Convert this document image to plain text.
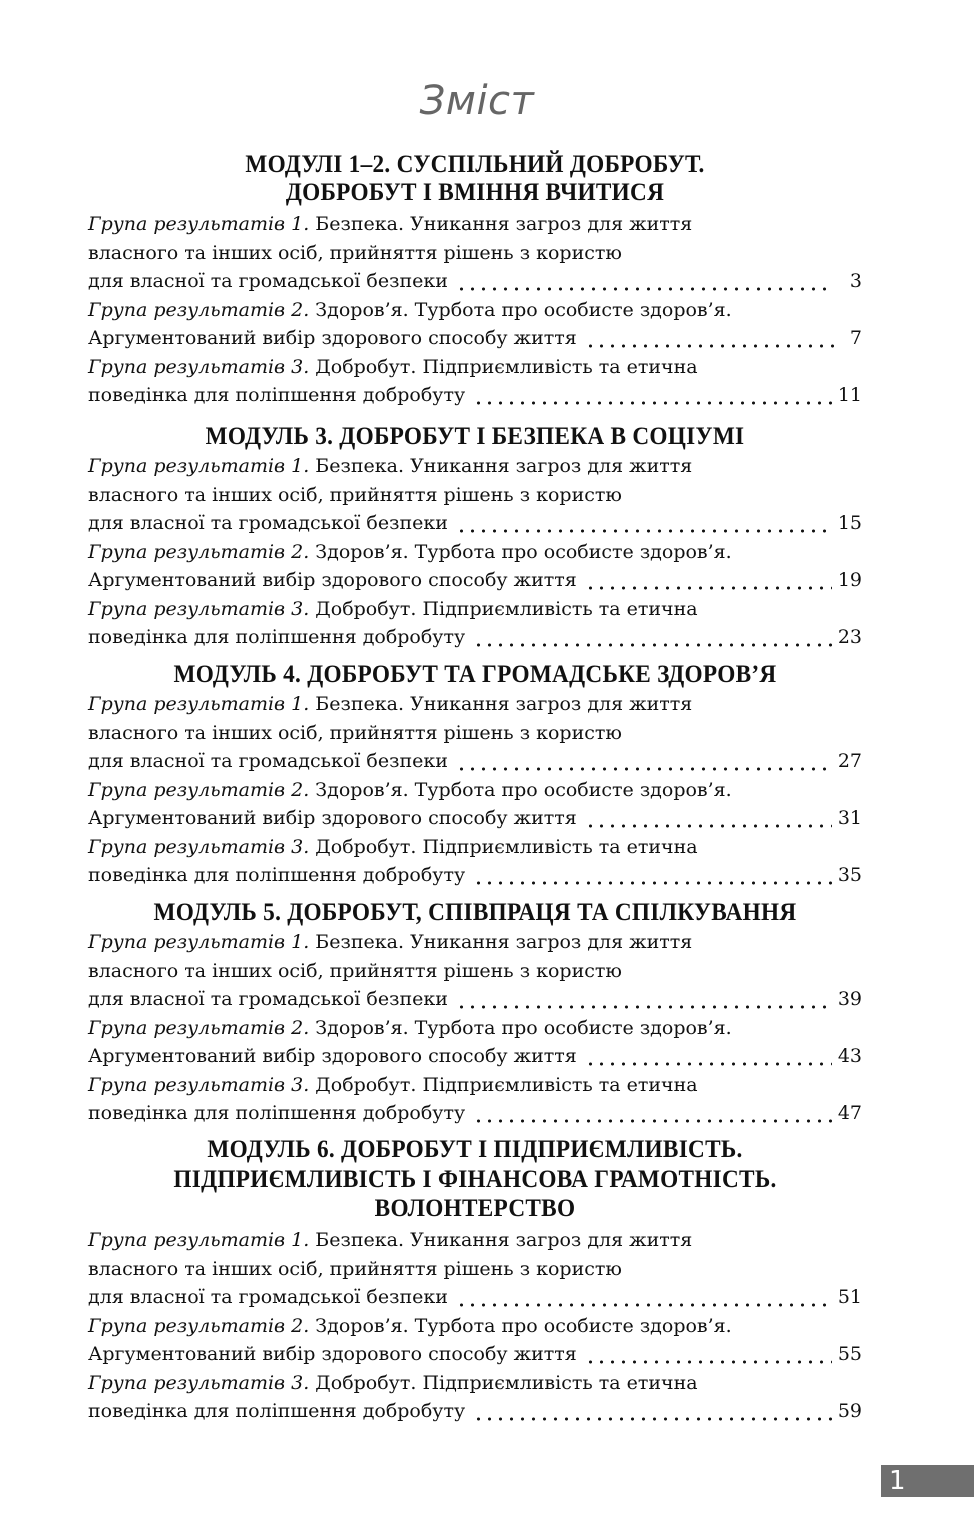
Зміст
МОДУЛІ 1–2. СУСПІЛЬНИЙ ДОБРОБУТ.
ДОБРОБУТ І ВМІННЯ ВЧИТИСЯ
Група результатів 1. Безпека. Уникання загроз для життя
власного та інших осіб, прийняття рішень з користю
для власної та громадської безпеки	3
Група результатів 2. Здоров’я. Турбота про особисте здоров’я.
Аргументований вибір здорового способу життя	7
Група результатів 3. Добробут. Підприємливість та етична
поведінка для поліпшення добробуту	11
МОДУЛЬ 3. ДОБРОБУТ І БЕЗПЕКА В СОЦІУМІ
Група результатів 1. Безпека. Уникання загроз для життя
власного та інших осіб, прийняття рішень з користю
для власної та громадської безпеки	15
Група результатів 2. Здоров’я. Турбота про особисте здоров’я.
Аргументований вибір здорового способу життя	19
Група результатів 3. Добробут. Підприємливість та етична
поведінка для поліпшення добробуту	23
МОДУЛЬ 4. ДОБРОБУТ ТА ГРОМАДСЬКЕ ЗДОРОВ’Я
Група результатів 1. Безпека. Уникання загроз для життя
власного та інших осіб, прийняття рішень з користю
для власної та громадської безпеки	27
Група результатів 2. Здоров’я. Турбота про особисте здоров’я.
Аргументований вибір здорового способу життя	31
Група результатів 3. Добробут. Підприємливість та етична
поведінка для поліпшення добробуту	35
МОДУЛЬ 5. ДОБРОБУТ, СПІВПРАЦЯ ТА СПІЛКУВАННЯ
Група результатів 1. Безпека. Уникання загроз для життя
власного та інших осіб, прийняття рішень з користю
для власної та громадської безпеки	39
Група результатів 2. Здоров’я. Турбота про особисте здоров’я.
Аргументований вибір здорового способу життя	43
Група результатів 3. Добробут. Підприємливість та етична
поведінка для поліпшення добробуту	47
МОДУЛЬ 6. ДОБРОБУТ І ПІДПРИЄМЛИВІСТЬ.
ПІДПРИЄМЛИВІСТЬ І ФІНАНСОВА ГРАМОТНІСТЬ.
ВОЛОНТЕРСТВО
Група результатів 1. Безпека. Уникання загроз для життя
власного та інших осіб, прийняття рішень з користю
для власної та громадської безпеки	51
Група результатів 2. Здоров’я. Турбота про особисте здоров’я.
Аргументований вибір здорового способу життя	55
Група результатів 3. Добробут. Підприємливість та етична
поведінка для поліпшення добробуту	59
1
